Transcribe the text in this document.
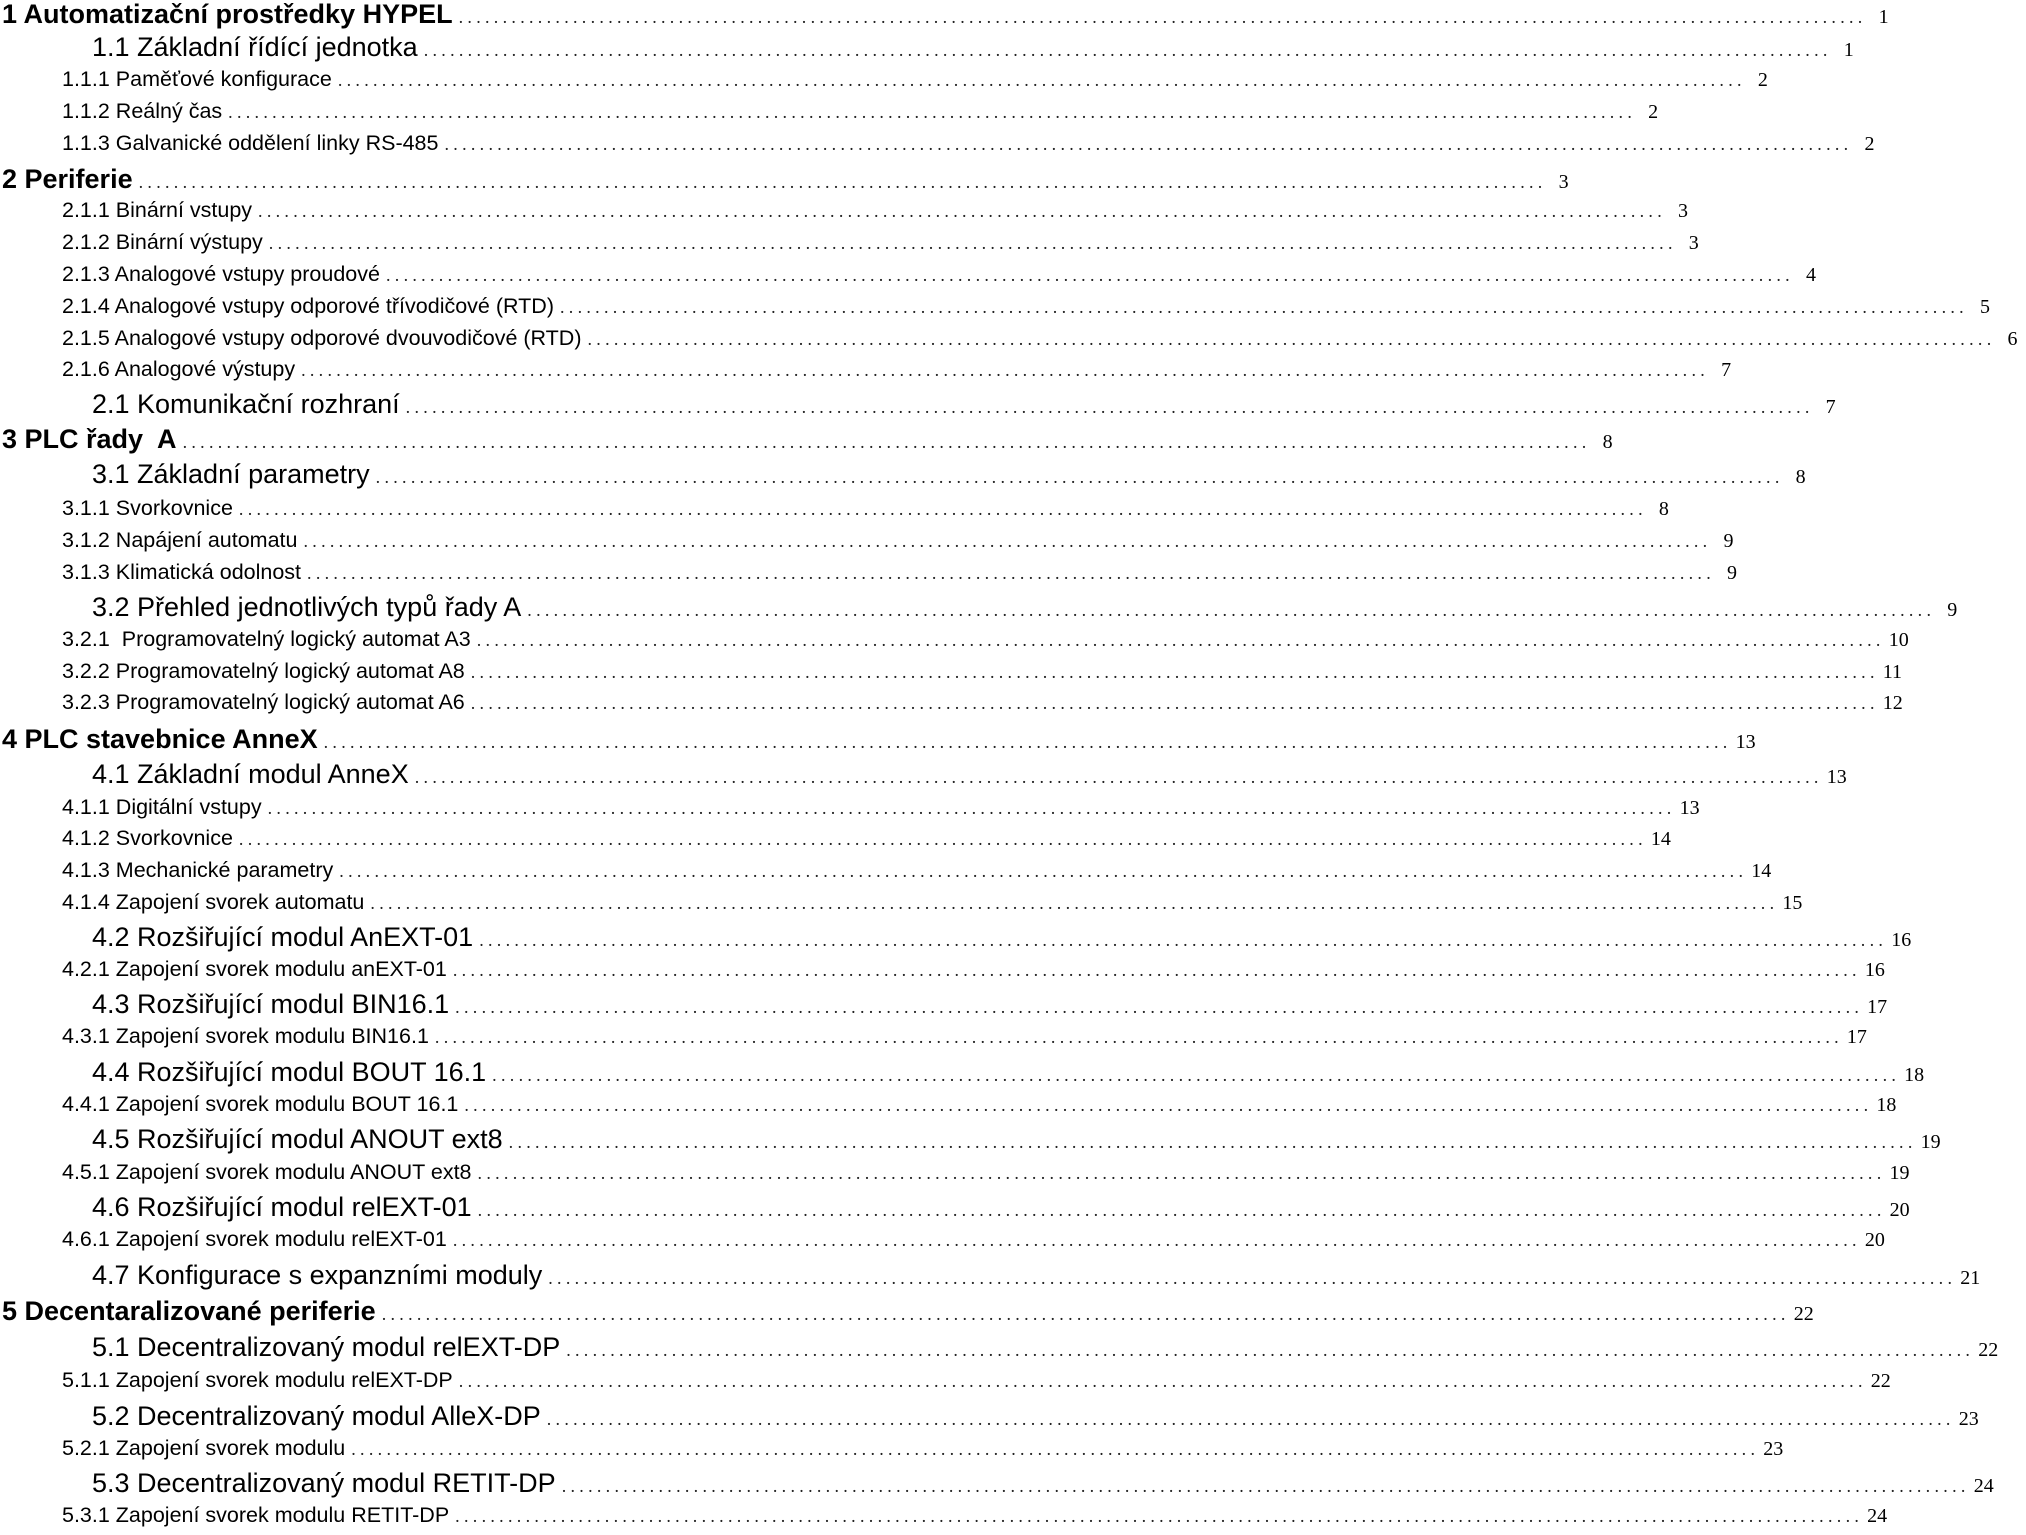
1 Automatizační prostředky HYPEL ................................................................................................................................................................ 1
1.1 Základní řídící jednotka ................................................................................................................................................................ 1
1.1.1 Paměťové konfigurace ................................................................................................................................................................ 2
1.1.2 Reálný čas ................................................................................................................................................................ 2
1.1.3 Galvanické oddělení linky RS-485 ................................................................................................................................................................ 2
2 Periferie ................................................................................................................................................................ 3
2.1.1 Binární vstupy ................................................................................................................................................................ 3
2.1.2 Binární výstupy ................................................................................................................................................................ 3
2.1.3 Analogové vstupy proudové ................................................................................................................................................................ 4
2.1.4 Analogové vstupy odporové třívodičové (RTD) ................................................................................................................................................................ 5
2.1.5 Analogové vstupy odporové dvouvodičové (RTD) ................................................................................................................................................................ 6
2.1.6 Analogové výstupy ................................................................................................................................................................ 7
2.1 Komunikační rozhraní ................................................................................................................................................................ 7
3 PLC řady  A ................................................................................................................................................................ 8
3.1 Základní parametry ................................................................................................................................................................ 8
3.1.1 Svorkovnice ................................................................................................................................................................ 8
3.1.2 Napájení automatu ................................................................................................................................................................ 9
3.1.3 Klimatická odolnost ................................................................................................................................................................ 9
3.2 Přehled jednotlivých typů řady A ................................................................................................................................................................ 9
3.2.1  Programovatelný logický automat A3 ................................................................................................................................................................ 10
3.2.2 Programovatelný logický automat A8 ................................................................................................................................................................ 11
3.2.3 Programovatelný logický automat A6 ................................................................................................................................................................ 12
4 PLC stavebnice AnneX ................................................................................................................................................................ 13
4.1 Základní modul AnneX ................................................................................................................................................................ 13
4.1.1 Digitální vstupy ................................................................................................................................................................ 13
4.1.2 Svorkovnice ................................................................................................................................................................ 14
4.1.3 Mechanické parametry ................................................................................................................................................................ 14
4.1.4 Zapojení svorek automatu ................................................................................................................................................................ 15
4.2 Rozšiřující modul AnEXT-01 ................................................................................................................................................................ 16
4.2.1 Zapojení svorek modulu anEXT-01 ................................................................................................................................................................ 16
4.3 Rozšiřující modul BIN16.1 ................................................................................................................................................................ 17
4.3.1 Zapojení svorek modulu BIN16.1 ................................................................................................................................................................ 17
4.4 Rozšiřující modul BOUT 16.1 ................................................................................................................................................................ 18
4.4.1 Zapojení svorek modulu BOUT 16.1 ................................................................................................................................................................ 18
4.5 Rozšiřující modul ANOUT ext8 ................................................................................................................................................................ 19
4.5.1 Zapojení svorek modulu ANOUT ext8 ................................................................................................................................................................ 19
4.6 Rozšiřující modul relEXT-01 ................................................................................................................................................................ 20
4.6.1 Zapojení svorek modulu relEXT-01 ................................................................................................................................................................ 20
4.7 Konfigurace s expanzními moduly ................................................................................................................................................................ 21
5 Decentaralizované periferie ................................................................................................................................................................ 22
5.1 Decentralizovaný modul relEXT-DP ................................................................................................................................................................ 22
5.1.1 Zapojení svorek modulu relEXT-DP ................................................................................................................................................................ 22
5.2 Decentralizovaný modul AlleX-DP ................................................................................................................................................................ 23
5.2.1 Zapojení svorek modulu ................................................................................................................................................................ 23
5.3 Decentralizovaný modul RETIT-DP ................................................................................................................................................................ 24
5.3.1 Zapojení svorek modulu RETIT-DP ................................................................................................................................................................ 24
